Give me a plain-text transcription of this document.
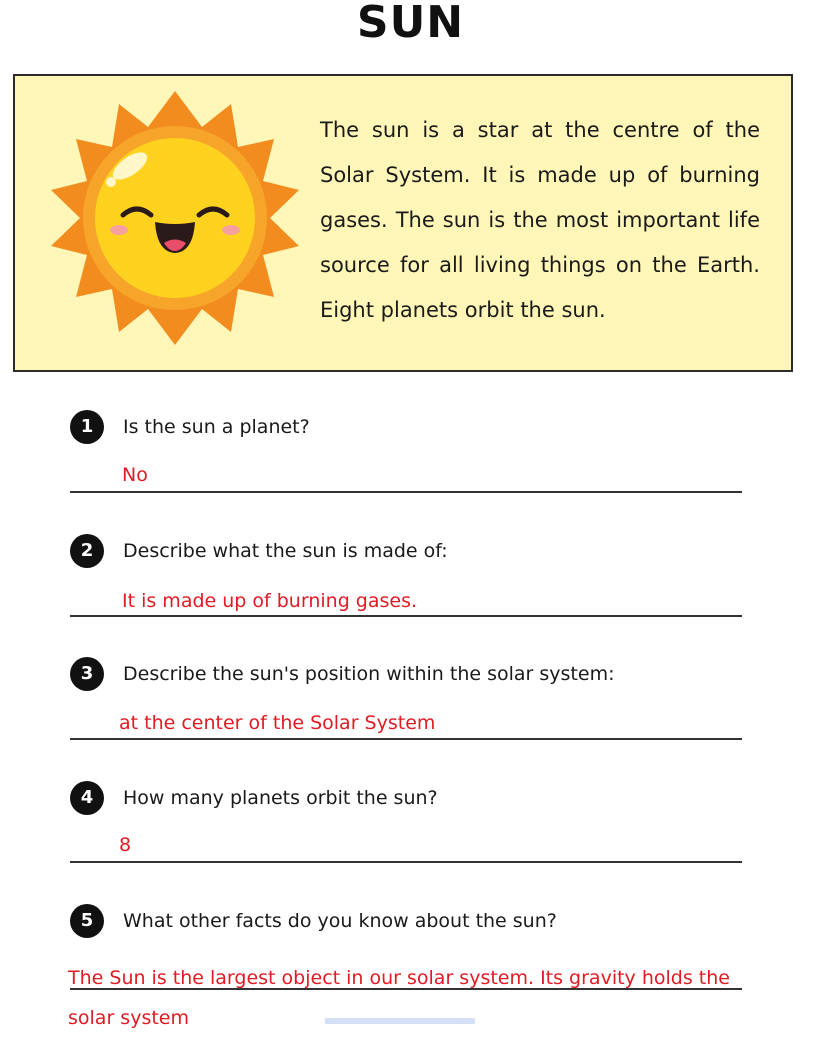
SUN

The sun is a star at the centre of the Solar System. It is made up of burning gases. The sun is the most important life source for all living things on the Earth. Eight planets orbit the sun.

1	Is the sun a planet?
No
2	Describe what the sun is made of:
It is made up of burning gases.
3	Describe the sun's position within the solar system:
at the center of the Solar System
4	How many planets orbit the sun?
8
5	What other facts do you know about the sun?
The Sun is the largest object in our solar system. Its gravity holds the solar system
